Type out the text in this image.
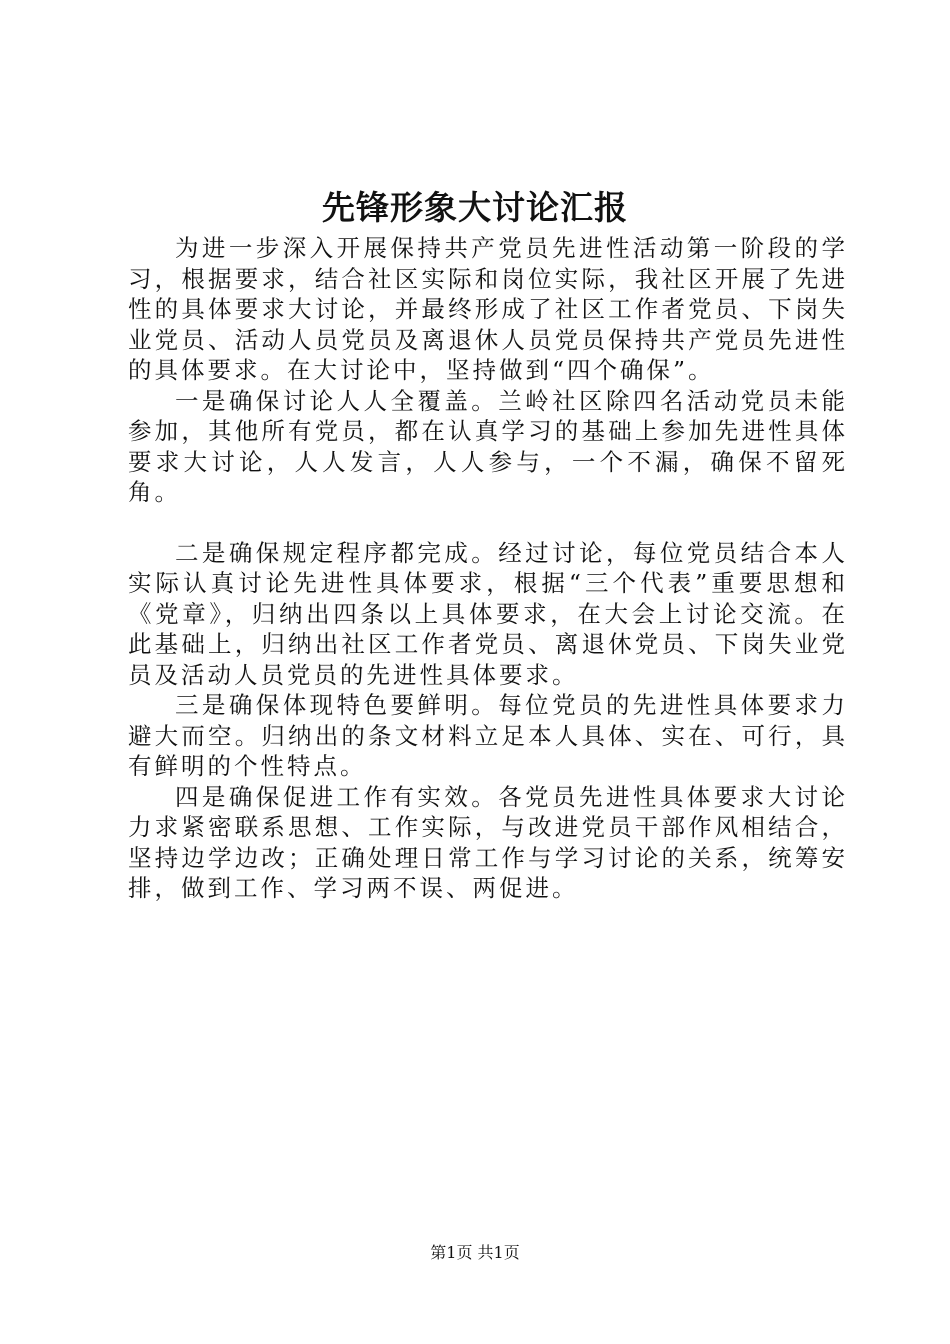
先锋形象大讨论汇报

为进一步深入开展保持共产党员先进性活动第一阶段的学习，根据要求，结合社区实际和岗位实际，我社区开展了先进性的具体要求大讨论，并最终形成了社区工作者党员、下岗失业党员、活动人员党员及离退休人员党员保持共产党员先进性的具体要求。在大讨论中，坚持做到“四个确保”。

一是确保讨论人人全覆盖。兰岭社区除四名活动党员未能参加，其他所有党员，都在认真学习的基础上参加先进性具体要求大讨论，人人发言，人人参与，一个不漏，确保不留死角。

二是确保规定程序都完成。经过讨论，每位党员结合本人实际认真讨论先进性具体要求，根据“三个代表”重要思想和《党章》，归纳出四条以上具体要求，在大会上讨论交流。在此基础上，归纳出社区工作者党员、离退休党员、下岗失业党员及活动人员党员的先进性具体要求。

三是确保体现特色要鲜明。每位党员的先进性具体要求力避大而空。归纳出的条文材料立足本人具体、实在、可行，具有鲜明的个性特点。

四是确保促进工作有实效。各党员先进性具体要求大讨论力求紧密联系思想、工作实际，与改进党员干部作风相结合，坚持边学边改；正确处理日常工作与学习讨论的关系，统筹安排，做到工作、学习两不误、两促进。

第1页 共1页
